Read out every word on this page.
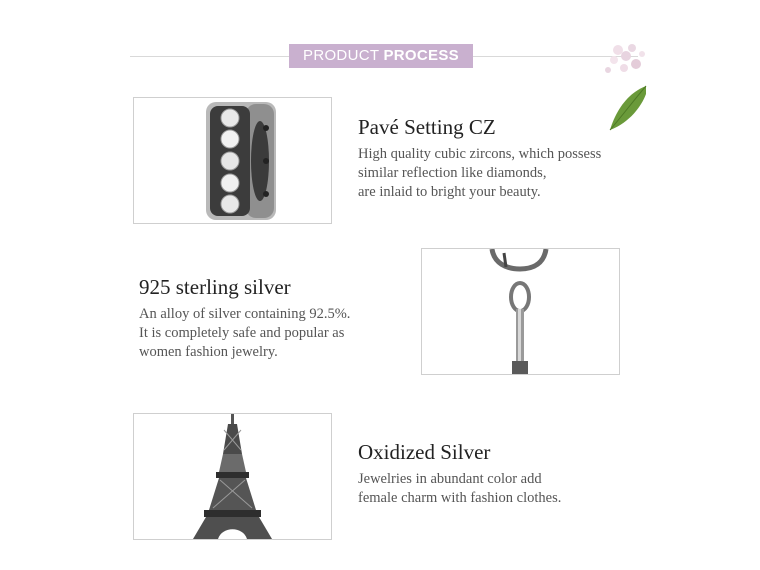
PRODUCT PROCESS
Pavé Setting CZ
High quality cubic zircons, which possess
similar reflection like diamonds,
are inlaid to bright your beauty.
925 sterling silver
An alloy of silver containing 92.5%.
It is completely safe and popular as
women fashion jewelry.
Oxidized Silver
Jewelries in abundant color add
female charm with fashion clothes.
